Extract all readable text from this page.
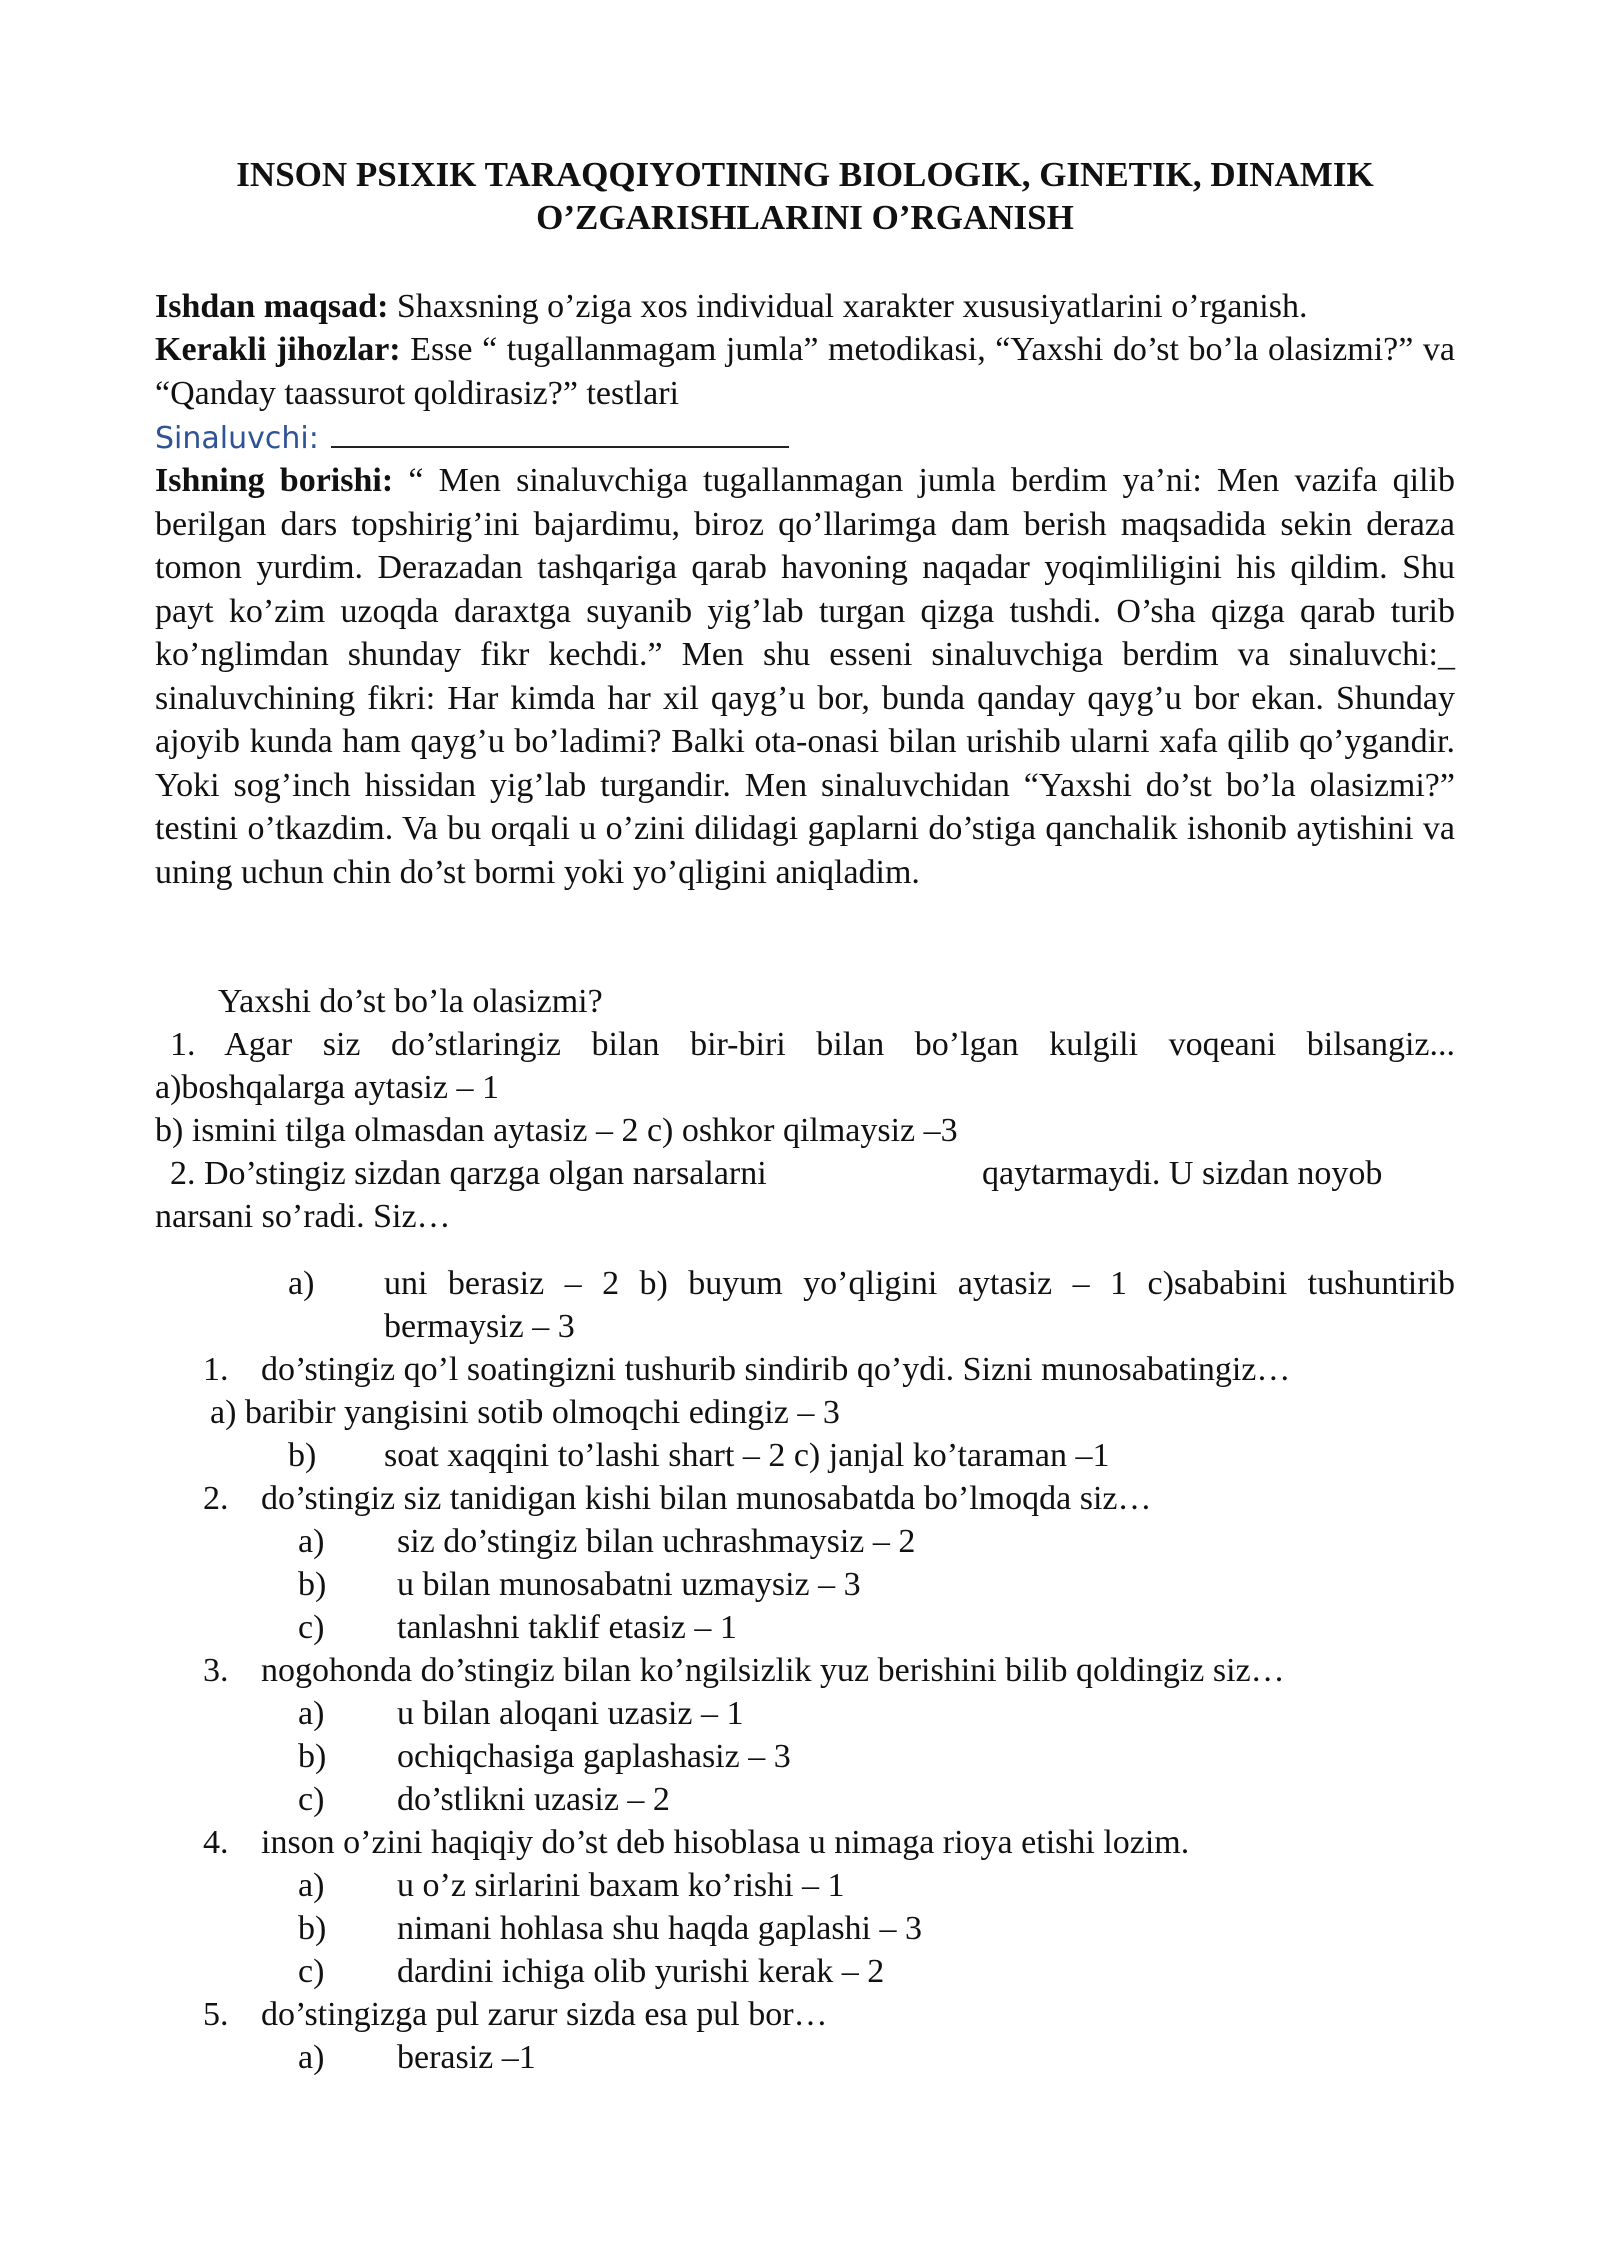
INSON PSIXIK TARAQQIYOTINING BIOLOGIK, GINETIK, DINAMIK
O’ZGARISHLARINI O’RGANISH
Ishdan maqsad: Shaxsning o’ziga xos individual xarakter xususiyatlarini o’rganish.
Kerakli jihozlar: Esse “ tugallanmagam jumla” metodikasi, “Yaxshi do’st bo’la olasizmi?” va “Qanday taassurot qoldirasiz?” testlari
Sinaluvchi:
Ishning borishi: “ Men sinaluvchiga tugallanmagan jumla berdim ya’ni: Men vazifa qilib berilgan dars topshirig’ini bajardimu, biroz qo’llarimga dam berish maqsadida sekin deraza tomon yurdim. Derazadan tashqariga qarab havoning naqadar yoqimliligini his qildim. Shu payt ko’zim uzoqda daraxtga suyanib yig’lab turgan qizga tushdi. O’sha qizga qarab turib ko’nglimdan shunday fikr kechdi.” Men shu esseni sinaluvchiga berdim va sinaluvchi:_ sinaluvchining fikri: Har kimda har xil qayg’u bor, bunda qanday qayg’u bor ekan. Shunday ajoyib kunda ham qayg’u bo’ladimi? Balki ota-onasi bilan urishib ularni xafa qilib qo’ygandir. Yoki sog’inch hissidan yig’lab turgandir. Men sinaluvchidan “Yaxshi do’st bo’la olasizmi?” testini o’tkazdim. Va bu orqali u o’zini dilidagi gaplarni do’stiga qanchalik ishonib aytishini va uning uchun chin do’st bormi yoki yo’qligini aniqladim.
Yaxshi do’st bo’la olasizmi?
1. Agar siz do’stlaringiz bilan bir-biri bilan bo’lgan kulgili voqeani bilsangiz...
a)boshqalarga aytasiz – 1
b) ismini tilga olmasdan aytasiz – 2 c) oshkor qilmaysiz –3
2. Do’stingiz sizdan qarzga olgan narsalarni	qaytarmaydi. U sizdan noyob
narsani so’radi. Siz…
a) uni berasiz – 2 b) buyum yo’qligini aytasiz – 1 c)sababini tushuntirib
bermaysiz – 3
1. do’stingiz qo’l soatingizni tushurib sindirib qo’ydi. Sizni munosabatingiz…
a) baribir yangisini sotib olmoqchi edingiz – 3
b) soat xaqqini to’lashi shart – 2 c) janjal ko’taraman –1
2. do’stingiz siz tanidigan kishi bilan munosabatda bo’lmoqda siz…
a) siz do’stingiz bilan uchrashmaysiz – 2
b) u bilan munosabatni uzmaysiz – 3
c) tanlashni taklif etasiz – 1
3. nogohonda do’stingiz bilan ko’ngilsizlik yuz berishini bilib qoldingiz siz…
a) u bilan aloqani uzasiz – 1
b) ochiqchasiga gaplashasiz – 3
c) do’stlikni uzasiz – 2
4. inson o’zini haqiqiy do’st deb hisoblasa u nimaga rioya etishi lozim.
a) u o’z sirlarini baxam ko’rishi – 1
b) nimani hohlasa shu haqda gaplashi – 3
c) dardini ichiga olib yurishi kerak – 2
5. do’stingizga pul zarur sizda esa pul bor…
a) berasiz –1
